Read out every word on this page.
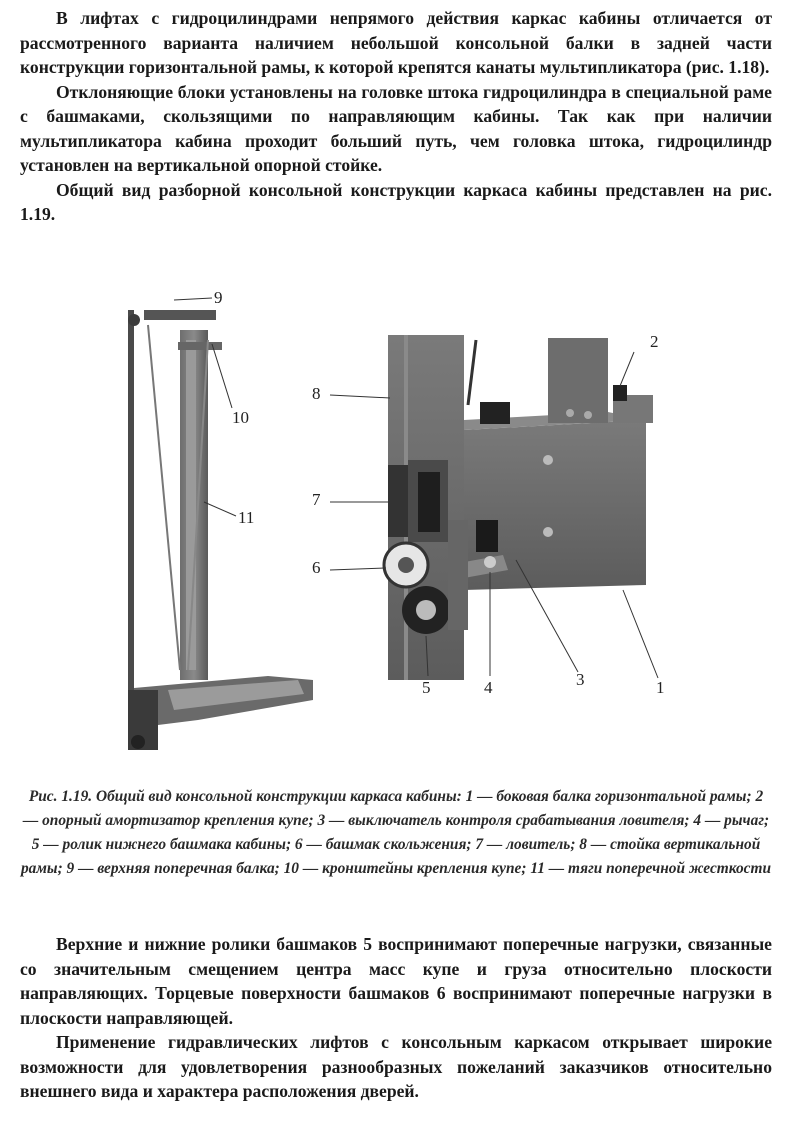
В лифтах с гидроцилиндрами непрямого действия каркас кабины отличается от рассмотренного варианта наличием небольшой консольной балки в задней части конструкции горизонтальной рамы, к которой крепятся канаты мультипликатора (рис. 1.18).

Отклоняющие блоки установлены на головке штока гидроцилиндра в специальной раме с башмаками, скользящими по направляющим кабины. Так как при наличии мультипликатора кабина проходит больший путь, чем головка штока, гидроцилиндр установлен на вертикальной опорной стойке.

Общий вид разборной консольной конструкции каркаса кабины представлен на рис. 1.19.

9
10
11
8
7
6
5	4	3	1
2
Рис. 1.19. Общий вид консольной конструкции каркаса кабины: 1 — боковая балка горизонтальной рамы; 2 — опорный амортизатор крепления купе; 3 — выключатель контроля срабатывания ловителя; 4 — рычаг; 5 — ролик нижнего башмака кабины; 6 — башмак скольжения; 7 — ловитель; 8 — стойка вертикальной рамы; 9 — верхняя поперечная балка; 10 — кронштейны крепления купе; 11 — тяги поперечной жесткости

Верхние и нижние ролики башмаков 5 воспринимают поперечные нагрузки, связанные со значительным смещением центра масс купе и груза относительно плоскости направляющих. Торцевые поверхности башмаков 6 воспринимают поперечные нагрузки в плоскости направляющей.

Применение гидравлических лифтов с консольным каркасом открывает широкие возможности для удовлетворения разнообразных пожеланий заказчиков относительно внешнего вида и характера расположения дверей.
